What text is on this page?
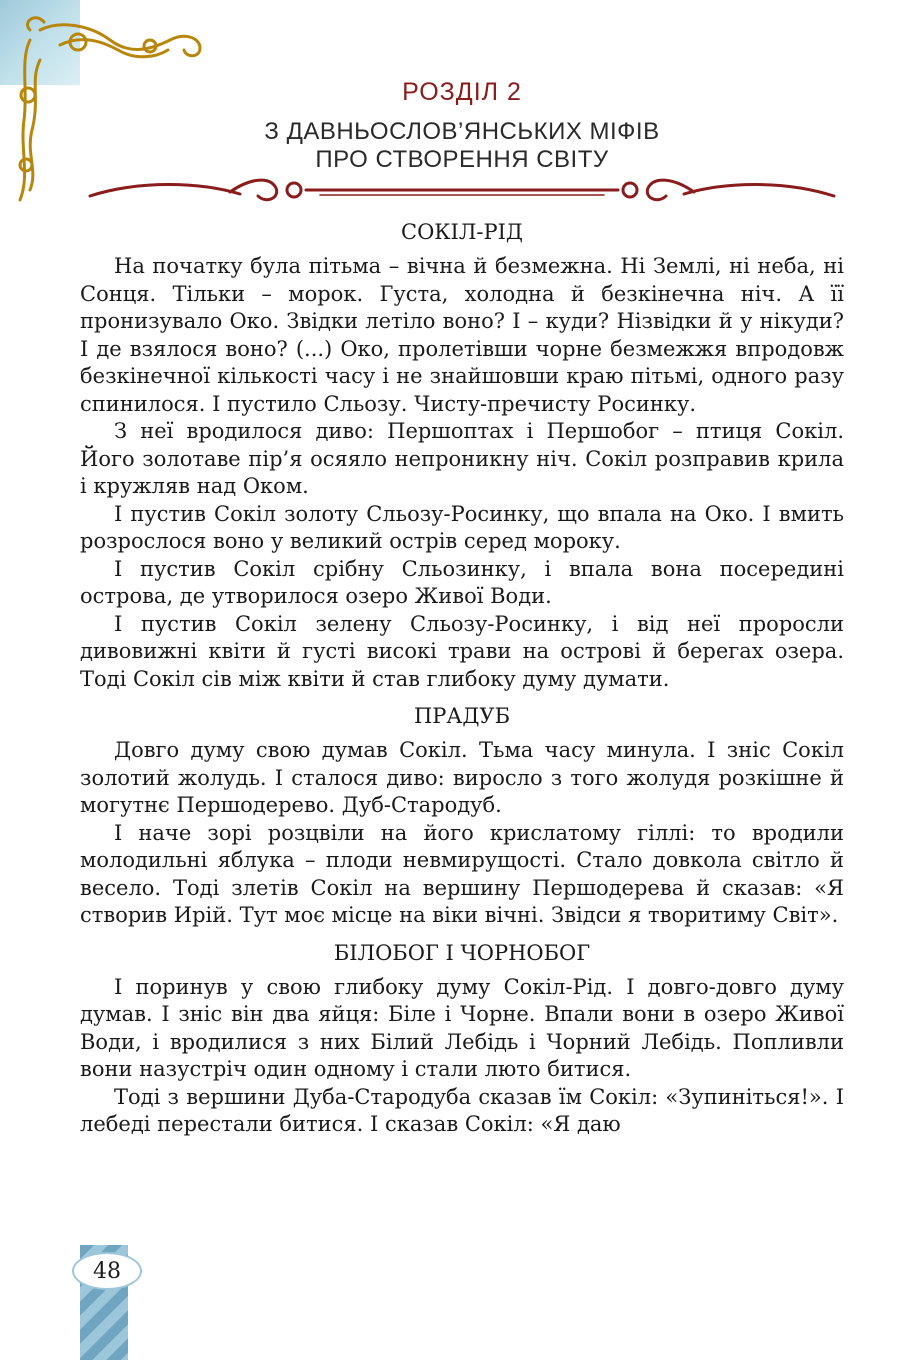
РОЗДІЛ 2
З ДАВНЬОСЛОВ’ЯНСЬКИХ МІФІВ
ПРО СТВОРЕННЯ СВІТУ
СОКІЛ-РІД

На початку була пітьма – вічна й безмежна. Ні Землі, ні неба, ні Сонця. Тільки – морок. Густа, холодна й безкінечна ніч. А її пронизувало Око. Звідки летіло воно? І – куди? Нізвідки й у нікуди? І де взялося воно? (...) Око, пролетівши чорне безмежжя впродовж безкінечної кількості часу і не знайшовши краю пітьмі, одного разу спинилося. І пустило Сльозу. Чисту-пречисту Росинку.

З неї вродилося диво: Першоптах і Першобог – птиця Сокіл. Його золотаве пір’я осяяло непроникну ніч. Сокіл розправив крила і кружляв над Оком.

І пустив Сокіл золоту Сльозу-Росинку, що впала на Око. І вмить розрослося воно у великий острів серед мороку.

І пустив Сокіл срібну Сльозинку, і впала вона посередині острова, де утворилося озеро Живої Води.

І пустив Сокіл зелену Сльозу-Росинку, і від неї проросли дивовижні квіти й густі високі трави на острові й берегах озера. Тоді Сокіл сів між квіти й став глибоку думу думати.

ПРАДУБ

Довго думу свою думав Сокіл. Тьма часу минула. І зніс Сокіл золотий жолудь. І сталося диво: виросло з того жолудя розкішне й могутнє Першодерево. Дуб-Стародуб.

І наче зорі розцвіли на його крислатому гіллі: то вродили молодильні яблука – плоди невмирущості. Стало довкола світло й весело. Тоді злетів Сокіл на вершину Першодерева й сказав: «Я створив Ирій. Тут моє місце на віки вічні. Звідси я творитиму Світ».

БІЛОБОГ І ЧОРНОБОГ

І поринув у свою глибоку думу Сокіл-Рід. І довго-довго думу думав. І зніс він два яйця: Біле і Чорне. Впали вони в озеро Живої Води, і вродилися з них Білий Лебідь і Чорний Лебідь. Попливли вони назустріч один одному і стали люто битися.

Тоді з вершини Дуба-Стародуба сказав їм Сокіл: «Зупиніться!». І лебеді перестали битися. І сказав Сокіл: «Я даю

48
